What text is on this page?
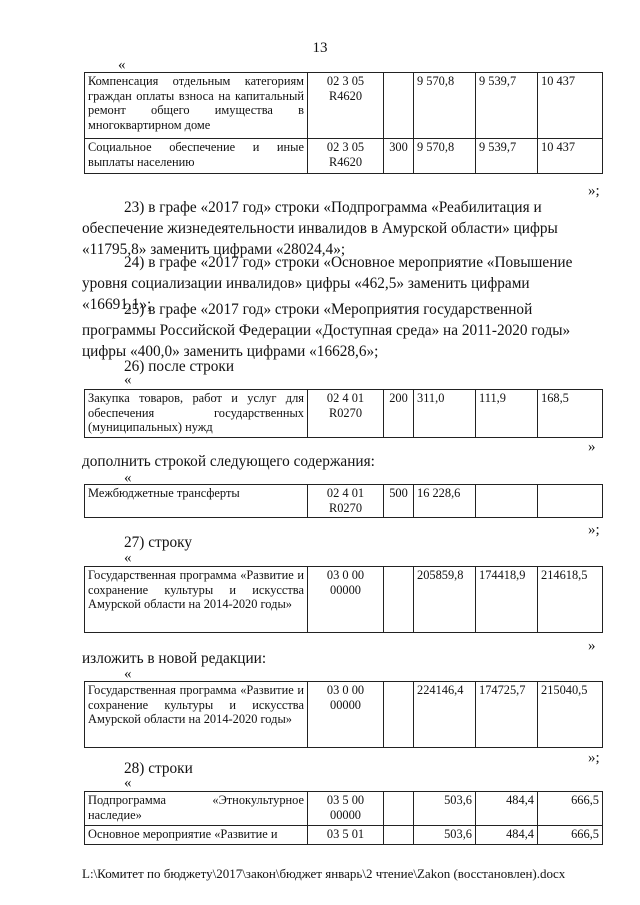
13
«
Компенсация отдельным категориям граждан оплаты взноса на капитальный ремонт общего имущества в многоквартирном доме	02 3 05 R4620		9 570,8	9 539,7	10 437
Социальное обеспечение и иные выплаты населению	02 3 05 R4620	300	9 570,8	9 539,7	10 437
»;
23) в графе «2017 год» строки «Подпрограмма «Реабилитация и
обеспечение жизнедеятельности инвалидов в Амурской области» цифры
«11795,8» заменить цифрами «28024,4»;
24) в графе «2017 год» строки «Основное мероприятие «Повышение
уровня социализации инвалидов» цифры «462,5» заменить цифрами
«16691,1»;
25) в графе «2017 год» строки «Мероприятия государственной
программы Российской Федерации «Доступная среда» на 2011-2020 годы»
цифры «400,0» заменить цифрами «16628,6»;
26) после строки
«
Закупка товаров, работ и услуг для обеспечения государственных (муниципальных) нужд	02 4 01 R0270	200	311,0	111,9	168,5
»
дополнить строкой следующего содержания:
«
Межбюджетные трансферты	02 4 01 R0270	500	16 228,6		
»;
27) строку
«
Государственная программа «Развитие и сохранение культуры и искусства Амурской области на 2014-2020 годы»	03 0 00 00000		205859,8	174418,9	214618,5
»
изложить в новой редакции:
«
Государственная программа «Развитие и сохранение культуры и искусства Амурской области на 2014-2020 годы»	03 0 00 00000		224146,4	174725,7	215040,5
»;
28) строки
«
Подпрограмма «Этнокультурное наследие»	03 5 00 00000		503,6	484,4	666,5
Основное мероприятие «Развитие и	03 5 01		503,6	484,4	666,5
L:\Комитет по бюджету\2017\закон\бюджет январь\2 чтение\Zakon (восстановлен).docx
